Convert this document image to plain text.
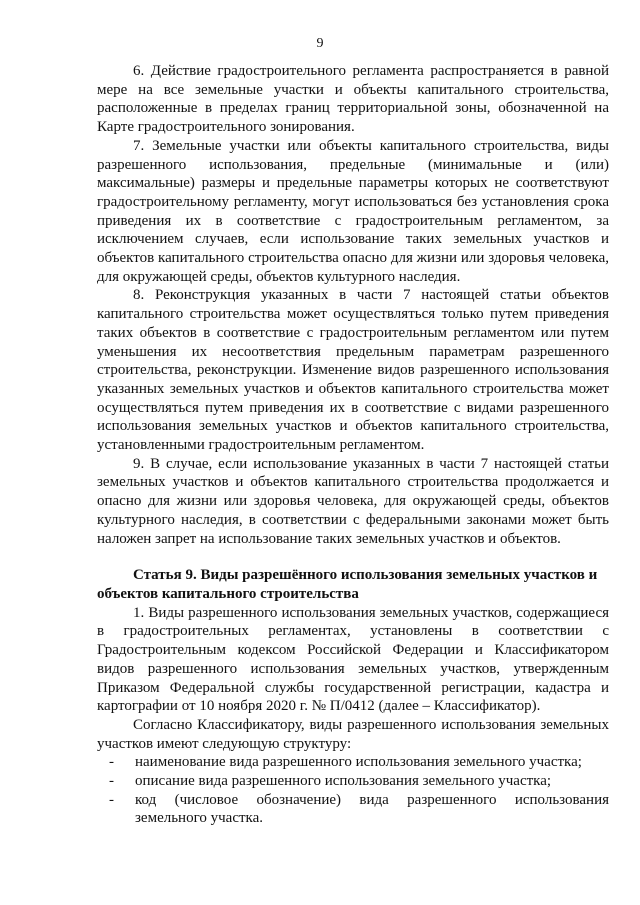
9

6. Действие градостроительного регламента распространяется в равной мере на все земельные участки и объекты капитального строительства, расположенные в пределах границ территориальной зоны, обозначенной на Карте градостроительного зонирования.

7. Земельные участки или объекты капитального строительства, виды разрешенного использования, предельные (минимальные и (или) максимальные) размеры и предельные параметры которых не соответствуют градостроительному регламенту, могут использоваться без установления срока приведения их в соответствие с градостроительным регламентом, за исключением случаев, если использование таких земельных участков и объектов капитального строительства опасно для жизни или здоровья человека, для окружающей среды, объектов культурного наследия.

8. Реконструкция указанных в части 7 настоящей статьи объектов капитального строительства может осуществляться только путем приведения таких объектов в соответствие с градостроительным регламентом или путем уменьшения их несоответствия предельным параметрам разрешенного строительства, реконструкции. Изменение видов разрешенного использования указанных земельных участков и объектов капитального строительства может осуществляться путем приведения их в соответствие с видами разрешенного использования земельных участков и объектов капитального строительства, установленными градостроительным регламентом.

9. В случае, если использование указанных в части 7 настоящей статьи земельных участков и объектов капитального строительства продолжается и опасно для жизни или здоровья человека, для окружающей среды, объектов культурного наследия, в соответствии с федеральными законами может быть наложен запрет на использование таких земельных участков и объектов.

Статья 9. Виды разрешённого использования земельных участков и объектов капитального строительства

1. Виды разрешенного использования земельных участков, содержащиеся в градостроительных регламентах, установлены в соответствии с Градостроительным кодексом Российской Федерации и Классификатором видов разрешенного использования земельных участков, утвержденным Приказом Федеральной службы государственной регистрации, кадастра и картографии от 10 ноября 2020 г. № П/0412 (далее – Классификатор).

Согласно Классификатору, виды разрешенного использования земельных участков имеют следующую структуру:

- наименование вида разрешенного использования земельного участка;
- описание вида разрешенного использования земельного участка;
- код (числовое обозначение) вида разрешенного использования земельного участка.
